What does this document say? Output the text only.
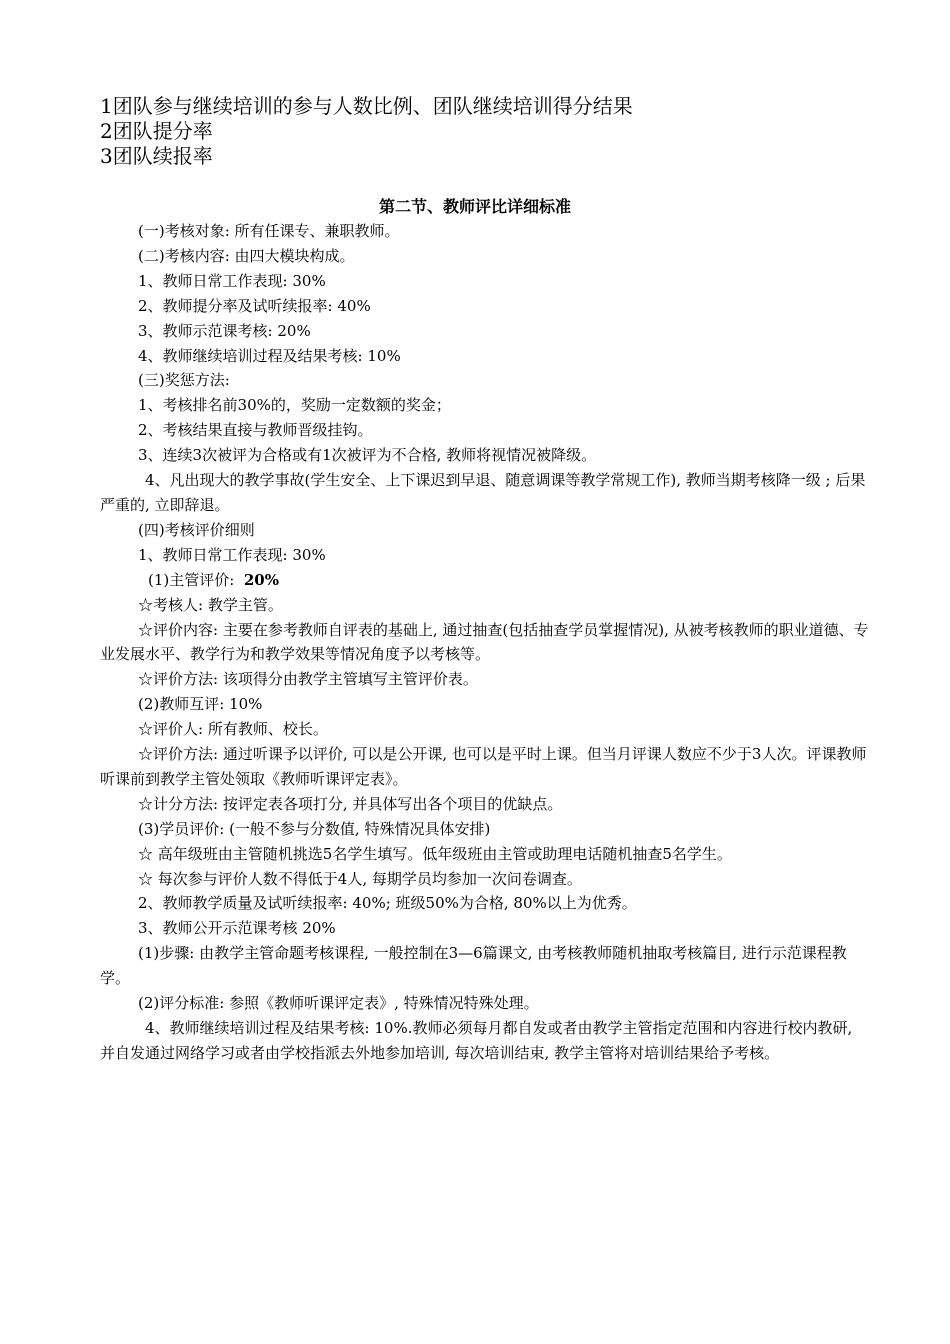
1团队参与继续培训的参与人数比例、团队继续培训得分结果
2团队提分率
3团队续报率
第二节、教师评比详细标准

(一)考核对象: 所有任课专、兼职教师。

(二)考核内容: 由四大模块构成。

1、教师日常工作表现: 30%

2、教师提分率及试听续报率: 40%

3、教师示范课考核: 20%

4、教师继续培训过程及结果考核: 10%

(三)奖惩方法:

1、考核排名前30%的，奖励一定数额的奖金；

2、考核结果直接与教师晋级挂钩。

3、连续3次被评为合格或有1次被评为不合格, 教师将视情况被降级。

4、凡出现大的教学事故(学生安全、上下课迟到早退、随意调课等教学常规工作), 教师当期考核降一级 ; 后果严重的, 立即辞退。

(四)考核评价细则

1、教师日常工作表现: 30%

(1)主管评价: 20%

☆考核人: 教学主管。

☆评价内容: 主要在参考教师自评表的基础上, 通过抽查(包括抽查学员掌握情况), 从被考核教师的职业道德、专业发展水平、教学行为和教学效果等情况角度予以考核等。

☆评价方法: 该项得分由教学主管填写主管评价表。

(2)教师互评: 10%

☆评价人: 所有教师、校长。

☆评价方法: 通过听课予以评价, 可以是公开课, 也可以是平时上课。但当月评课人数应不少于3人次。评课教师听课前到教学主管处领取《教师听课评定表》。

☆计分方法: 按评定表各项打分, 并具体写出各个项目的优缺点。

(3)学员评价: (一般不参与分数值, 特殊情况具体安排)

☆ 高年级班由主管随机挑选5名学生填写。低年级班由主管或助理电话随机抽查5名学生。

☆ 每次参与评价人数不得低于4人, 每期学员均参加一次问卷调查。

2、教师教学质量及试听续报率: 40%; 班级50%为合格, 80%以上为优秀。

3、教师公开示范课考核 20%

(1)步骤: 由教学主管命题考核课程, 一般控制在3—6篇课文, 由考核教师随机抽取考核篇目, 进行示范课程教学。

(2)评分标准: 参照《教师听课评定表》, 特殊情况特殊处理。

4、教师继续培训过程及结果考核: 10%.教师必须每月都自发或者由教学主管指定范围和内容进行校内教研, 并自发通过网络学习或者由学校指派去外地参加培训, 每次培训结束, 教学主管将对培训结果给予考核。
